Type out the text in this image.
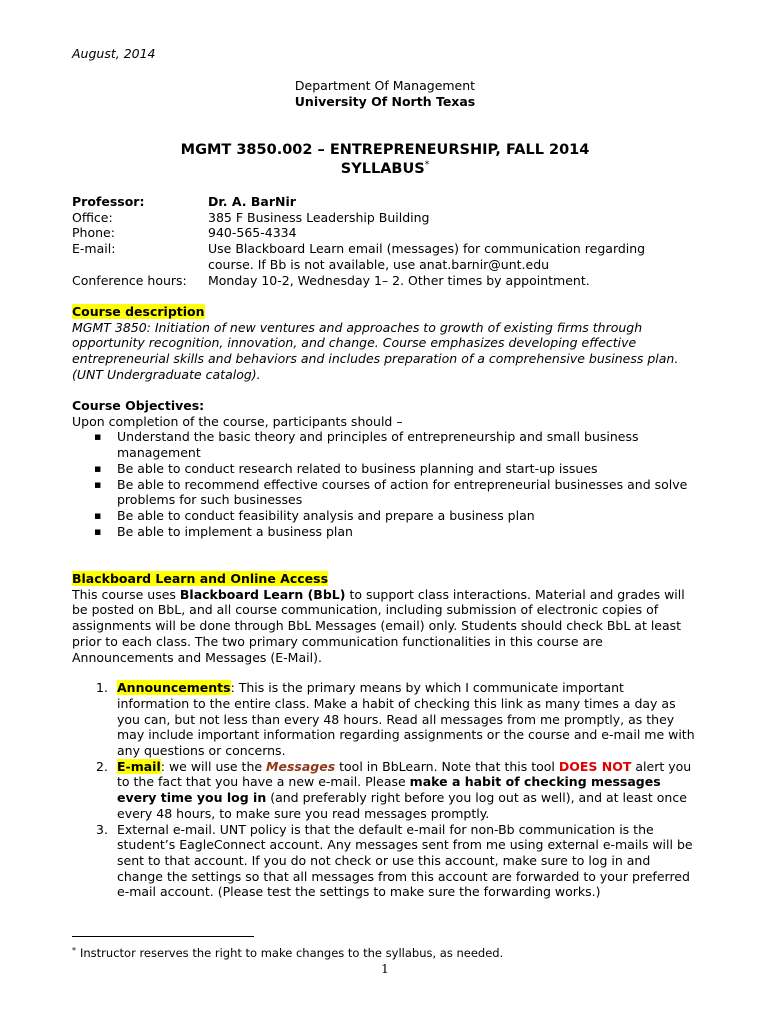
August, 2014
Department Of Management
University Of North Texas
MGMT 3850.002 – ENTREPRENEURSHIP, FALL 2014
SYLLABUS*
Professor:	Dr. A. BarNir
Office:	385 F Business Leadership Building
Phone:	940-565-4334
E-mail:	Use Blackboard Learn email (messages) for communication regarding
course. If Bb is not available, use anat.barnir@unt.edu
Conference hours:	Monday 10-2, Wednesday 1– 2. Other times by appointment.
Course description
MGMT 3850: Initiation of new ventures and approaches to growth of existing firms through opportunity recognition, innovation, and change. Course emphasizes developing effective entrepreneurial skills and behaviors and includes preparation of a comprehensive business plan. (UNT Undergraduate catalog).
Course Objectives:
Upon completion of the course, participants should –
▪ Understand the basic theory and principles of entrepreneurship and small business management
▪ Be able to conduct research related to business planning and start-up issues
▪ Be able to recommend effective courses of action for entrepreneurial businesses and solve problems for such businesses
▪ Be able to conduct feasibility analysis and prepare a business plan
▪ Be able to implement a business plan
Blackboard Learn and Online Access
This course uses Blackboard Learn (BbL) to support class interactions. Material and grades will be posted on BbL, and all course communication, including submission of electronic copies of assignments will be done through BbL Messages (email) only. Students should check BbL at least prior to each class. The two primary communication functionalities in this course are Announcements and Messages (E-Mail).
1. Announcements: This is the primary means by which I communicate important information to the entire class. Make a habit of checking this link as many times a day as you can, but not less than every 48 hours. Read all messages from me promptly, as they may include important information regarding assignments or the course and e-mail me with any questions or concerns.
2. E-mail: we will use the Messages tool in BbLearn. Note that this tool DOES NOT alert you to the fact that you have a new e-mail. Please make a habit of checking messages every time you log in (and preferably right before you log out as well), and at least once every 48 hours, to make sure you read messages promptly.
3. External e-mail. UNT policy is that the default e-mail for non-Bb communication is the student’s EagleConnect account. Any messages sent from me using external e-mails will be sent to that account. If you do not check or use this account, make sure to log in and change the settings so that all messages from this account are forwarded to your preferred e-mail account. (Please test the settings to make sure the forwarding works.)
* Instructor reserves the right to make changes to the syllabus, as needed.
1
